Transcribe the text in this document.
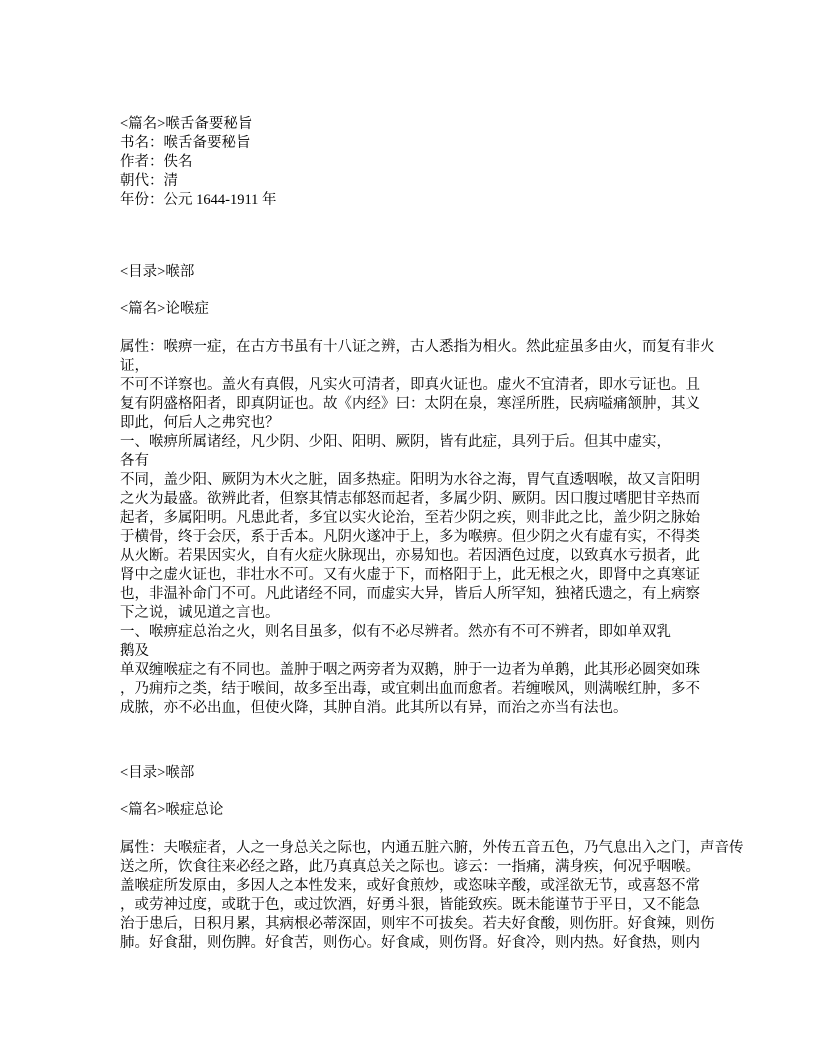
<篇名>喉舌备要秘旨
书名：喉舌备要秘旨
作者：佚名
朝代：清
年份：公元 1644-1911 年
<目录>喉部
<篇名>论喉症
属性：喉痹一症，在古方书虽有十八证之辨，古人悉指为相火。然此症虽多由火，而复有非火
证，
不可不详察也。盖火有真假，凡实火可清者，即真火证也。虚火不宜清者，即水亏证也。且
复有阴盛格阳者，即真阴证也。故《内经》曰：太阴在泉，寒淫所胜，民病嗌痛颔肿，其义
即此，何后人之弗究也？
一、喉痹所属诸经，凡少阴、少阳、阳明、厥阴，皆有此症，具列于后。但其中虚实，
各有
不同，盖少阳、厥阴为木火之脏，固多热症。阳明为水谷之海，胃气直透咽喉，故又言阳明
之火为最盛。欲辨此者，但察其情志郁怒而起者，多属少阴、厥阴。因口腹过嗜肥甘辛热而
起者，多属阳明。凡患此者，多宜以实火论治，至若少阴之疾，则非此之比，盖少阴之脉始
于横骨，终于会厌，系于舌本。凡阴火遂冲于上，多为喉痹。但少阴之火有虚有实，不得类
从火断。若果因实火，自有火症火脉现出，亦易知也。若因酒色过度，以致真水亏损者，此
肾中之虚火证也，非壮水不可。又有火虚于下，而格阳于上，此无根之火，即肾中之真寒证
也，非温补命门不可。凡此诸经不同，而虚实大异，皆后人所罕知，独褚氏遗之，有上病察
下之说，诚见道之言也。
一、喉痹症总治之火，则名目虽多，似有不必尽辨者。然亦有不可不辨者，即如单双乳
鹅及
单双缠喉症之有不同也。盖肿于咽之两旁者为双鹅，肿于一边者为单鹅，此其形必圆突如珠
，乃痈疖之类，结于喉间，故多至出毒，或宜刺出血而愈者。若缠喉风，则满喉红肿，多不
成脓，亦不必出血，但使火降，其肿自消。此其所以有异，而治之亦当有法也。
<目录>喉部
<篇名>喉症总论
属性：夫喉症者，人之一身总关之际也，内通五脏六腑，外传五音五色，乃气息出入之门，声音传
送之所，饮食往来必经之路，此乃真真总关之际也。谚云：一指痛，满身疾，何况乎咽喉。
盖喉症所发原由，多因人之本性发来，或好食煎炒，或恣味辛酸，或淫欲无节，或喜怒不常
，或劳神过度，或耽于色，或过饮酒，好勇斗狠，皆能致疾。既未能谨节于平日，又不能急
治于患后，日积月累，其病根必蒂深固，则牢不可拔矣。若夫好食酸，则伤肝。好食辣，则伤
肺。好食甜，则伤脾。好食苦，则伤心。好食咸，则伤肾。好食冷，则内热。好食热，则内
